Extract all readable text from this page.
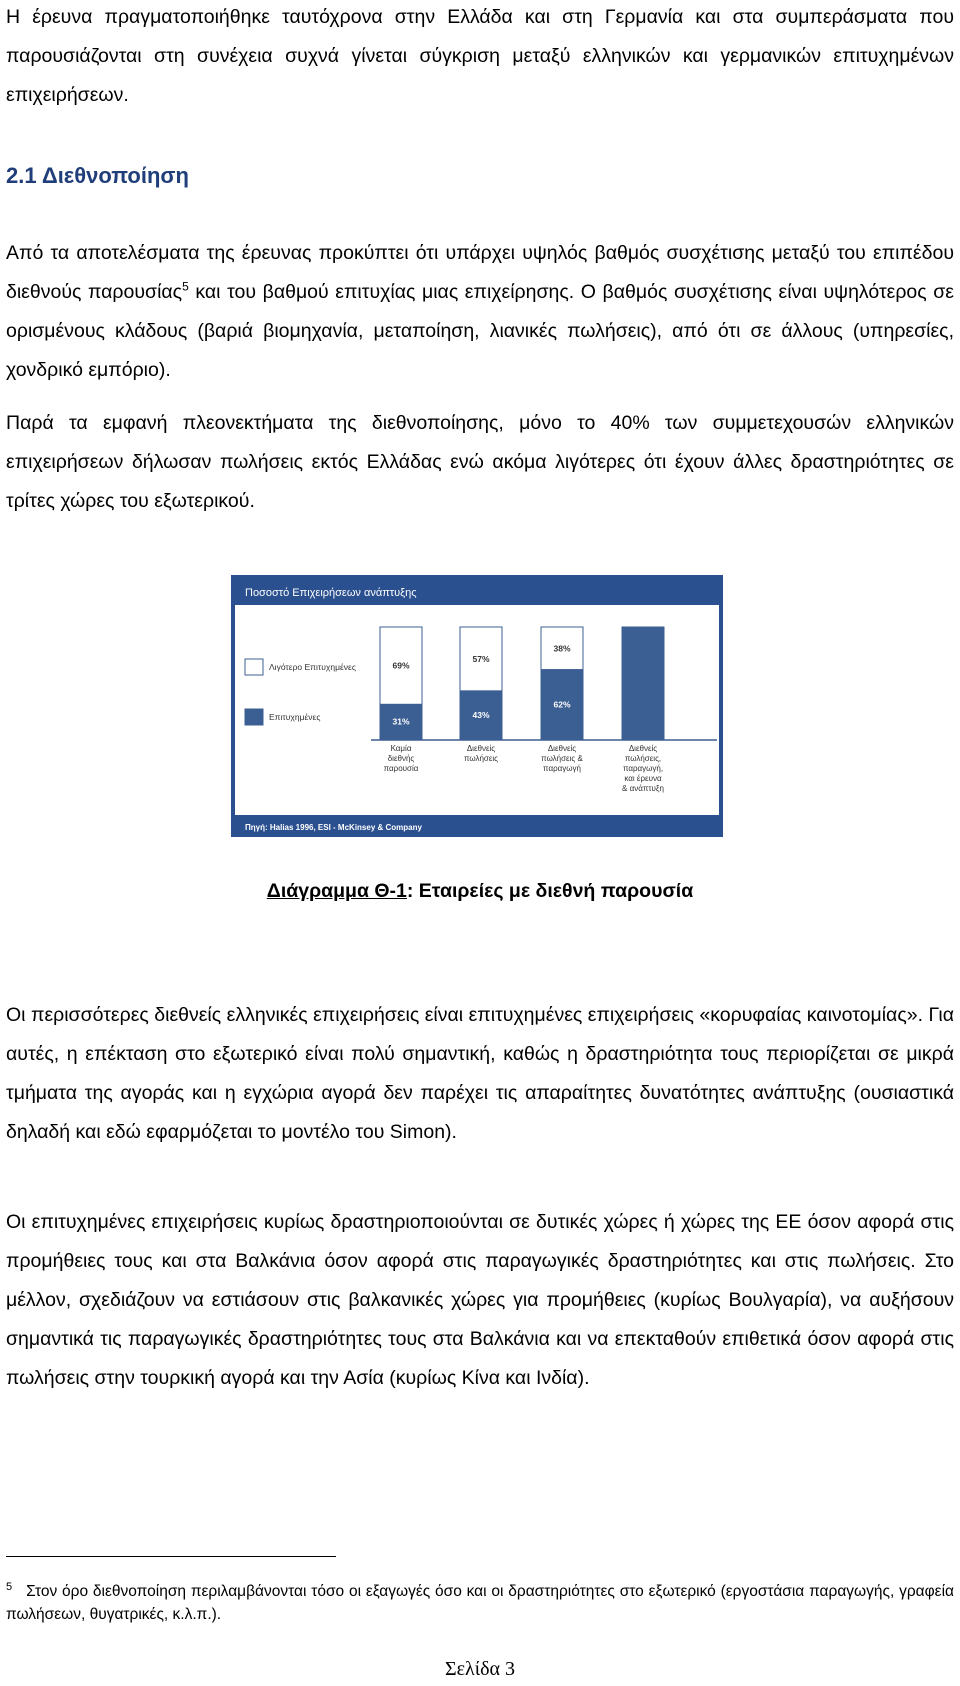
Η έρευνα πραγματοποιήθηκε ταυτόχρονα στην Ελλάδα και στη Γερμανία και στα συμπεράσματα που παρουσιάζονται στη συνέχεια συχνά γίνεται σύγκριση μεταξύ ελληνικών και γερμανικών επιτυχημένων επιχειρήσεων.
2.1 Διεθνοποίηση
Από τα αποτελέσματα της έρευνας προκύπτει ότι υπάρχει υψηλός βαθμός συσχέτισης μεταξύ του επιπέδου διεθνούς παρουσίας$^5$ και του βαθμού επιτυχίας μιας επιχείρησης. Ο βαθμός συσχέτισης είναι υψηλότερος σε ορισμένους κλάδους (βαριά βιομηχανία, μεταποίηση, λιανικές πωλήσεις), από ότι σε άλλους (υπηρεσίες, χονδρικό εμπόριο).
Παρά τα εμφανή πλεονεκτήματα της διεθνοποίησης, μόνο το 40% των συμμετεχουσών ελληνικών επιχειρήσεων δήλωσαν πωλήσεις εκτός Ελλάδας ενώ ακόμα λιγότερες ότι έχουν άλλες δραστηριότητες σε τρίτες χώρες του εξωτερικού.
Ποσοστό Επιχειρήσεων ανάπτυξης
Πηγή: Halias 1996, ESI - McKinsey & Company
Λιγότερο Επιτυχημένες
Επιτυχημένες	31%
69%
100%
Καμία διεθνής παρουσία
43%
57%
100%
Διεθνείς πωλήσεις
62%
38%
100%
Διεθνείς πωλήσεις & παραγωγή
100%
Διεθνείς πωλήσεις, παραγωγή, και έρευνα & ανάπτυξη
Διάγραμμα Θ-1: Εταιρείες με διεθνή παρουσία
Οι περισσότερες διεθνείς ελληνικές επιχειρήσεις είναι επιτυχημένες επιχειρήσεις «κορυφαίας καινοτομίας». Για αυτές, η επέκταση στο εξωτερικό είναι πολύ σημαντική, καθώς η δραστηριότητα τους περιορίζεται σε μικρά τμήματα της αγοράς και η εγχώρια αγορά δεν παρέχει τις απαραίτητες δυνατότητες ανάπτυξης (ουσιαστικά δηλαδή και εδώ εφαρμόζεται το μοντέλο του Simon).
Οι επιτυχημένες επιχειρήσεις κυρίως δραστηριοποιούνται σε δυτικές χώρες ή χώρες της ΕΕ όσον αφορά στις προμήθειες τους και στα Βαλκάνια όσον αφορά στις παραγωγικές δραστηριότητες και στις πωλήσεις. Στο μέλλον, σχεδιάζουν να εστιάσουν στις βαλκανικές χώρες για προμήθειες (κυρίως Βουλγαρία), να αυξήσουν σημαντικά τις παραγωγικές δραστηριότητες τους στα Βαλκάνια και να επεκταθούν επιθετικά όσον αφορά στις πωλήσεις στην τουρκική αγορά και την Ασία (κυρίως Κίνα και Ινδία).
$^5$ Στον όρο διεθνοποίηση περιλαμβάνονται τόσο οι εξαγωγές όσο και οι δραστηριότητες στο εξωτερικό (εργοστάσια παραγωγής, γραφεία πωλήσεων, θυγατρικές, κ.λ.π.).
Σελίδα 3
